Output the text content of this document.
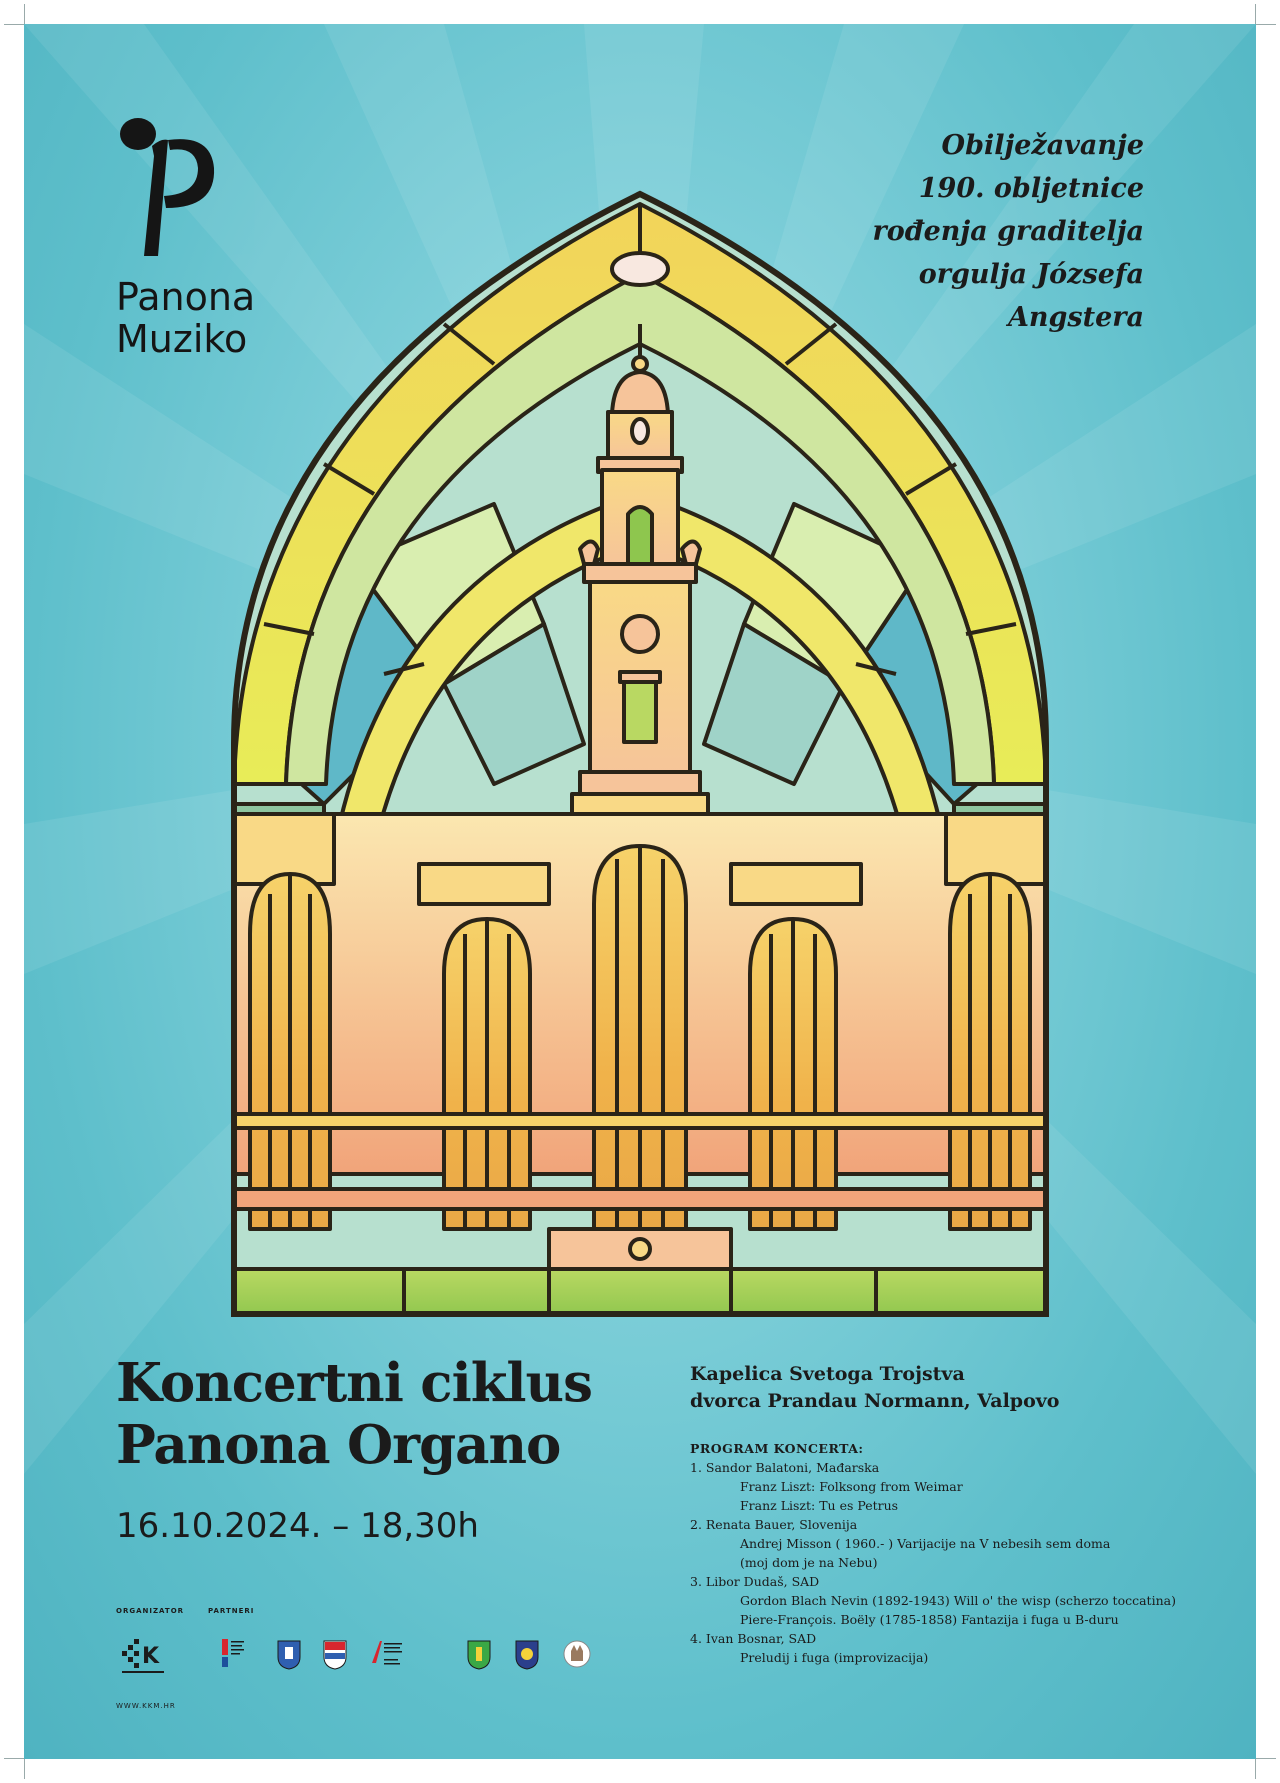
Panona
Muziko
Obilježavanje
190. obljetnice
rođenja graditelja
orgulja Józsefa
Angstera
Koncertni ciklus
Panona Organo
16.10.2024. – 18,30h
Kapelica Svetoga Trojstva
dvorca Prandau Normann, Valpovo
PROGRAM KONCERTA:
1. Sandor Balatoni, Mađarska
Franz Liszt: Folksong from Weimar
Franz Liszt: Tu es Petrus
2. Renata Bauer, Slovenija
Andrej Misson ( 1960.- ) Varijacije na V nebesih sem doma
(moj dom je na Nebu)
3. Libor Dudaš, SAD
Gordon Blach Nevin (1892-1943) Will o' the wisp (scherzo toccatina)
Piere-François. Boëly (1785-1858) Fantazija i fuga u B-duru
4. Ivan Bosnar, SAD
Preludij i fuga (improvizacija)
ORGANIZATOR	PARTNERI
K
WWW.KKM.HR
